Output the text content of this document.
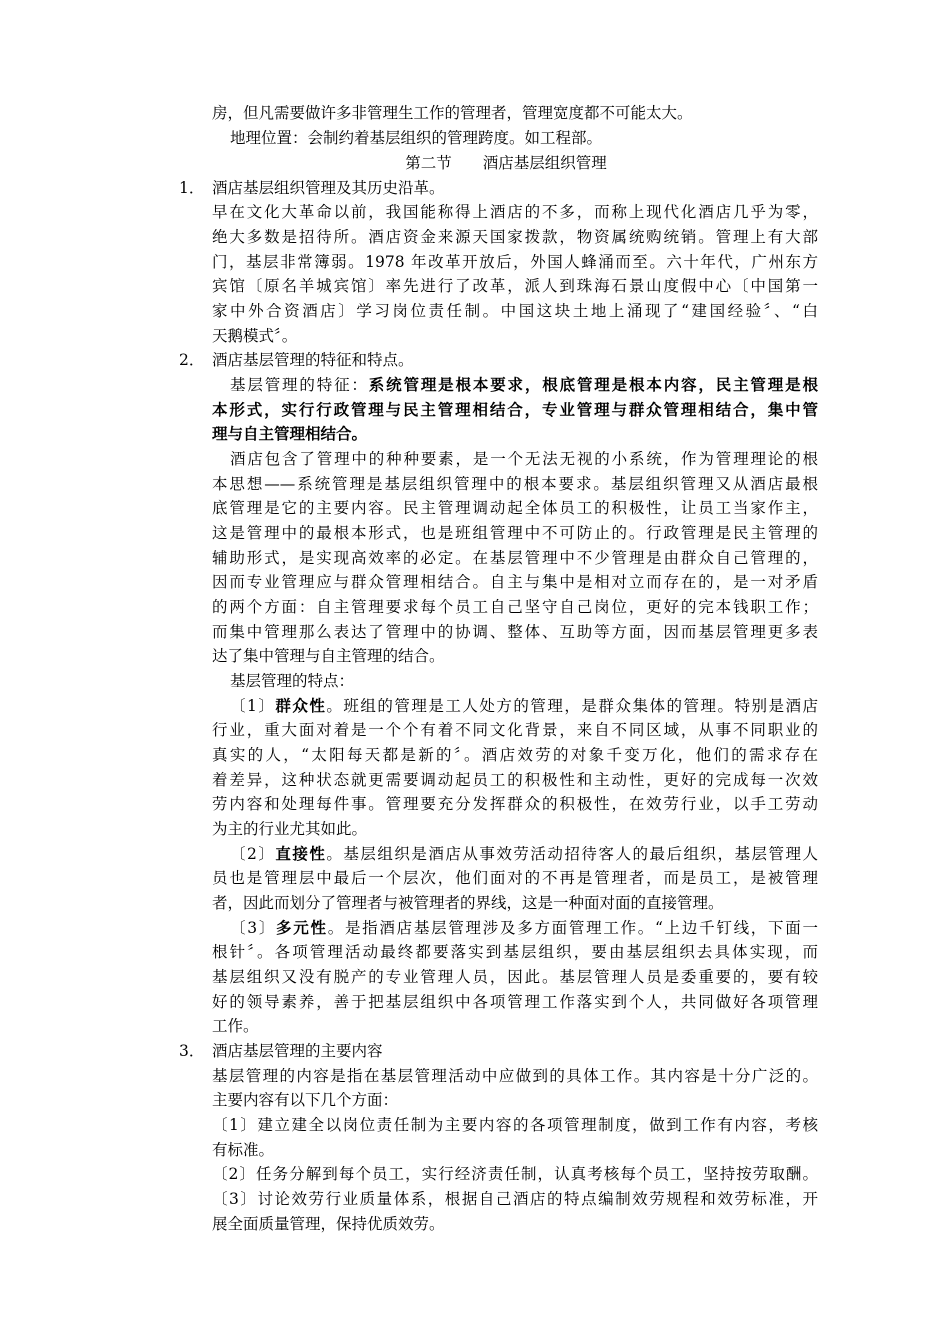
房，但凡需要做许多非管理生工作的管理者，管理宽度都不可能太大。
地理位置：会制约着基层组织的管理跨度。如工程部。
第二节　　酒店基层组织管理
1． 酒店基层组织管理及其历史沿革。
早在文化大革命以前，我国能称得上酒店的不多，而称上现代化酒店几乎为零，
绝大多数是招待所。酒店资金来源天国家拨款，物资属统购统销。管理上有大部
门，基层非常簿弱。1978 年改革开放后，外国人蜂涌而至。六十年代，广州东方
宾馆〔原名羊城宾馆〕率先进行了改革，派人到珠海石景山度假中心〔中国第一
家中外合资酒店〕学习岗位责任制。中国这块土地上涌现了“建国经验〞、“白
天鹅模式〞。
2． 酒店基层管理的特征和特点。
基层管理的特征：系统管理是根本要求，根底管理是根本内容，民主管理是根
本形式，实行行政管理与民主管理相结合，专业管理与群众管理相结合，集中管
理与自主管理相结合。
酒店包含了管理中的种种要素，是一个无法无视的小系统，作为管理理论的根
本思想——系统管理是基层组织管理中的根本要求。基层组织管理又从酒店最根
底管理是它的主要内容。民主管理调动起全体员工的积极性，让员工当家作主，
这是管理中的最根本形式，也是班组管理中不可防止的。行政管理是民主管理的
辅助形式，是实现高效率的必定。在基层管理中不少管理是由群众自己管理的，
因而专业管理应与群众管理相结合。自主与集中是相对立而存在的，是一对矛盾
的两个方面：自主管理要求每个员工自己坚守自己岗位，更好的完本钱职工作；
而集中管理那么表达了管理中的协调、整体、互助等方面，因而基层管理更多表
达了集中管理与自主管理的结合。
基层管理的特点：
〔1〕群众性。班组的管理是工人处方的管理，是群众集体的管理。特别是酒店
行业，重大面对着是一个个有着不同文化背景，来自不同区域，从事不同职业的
真实的人，“太阳每天都是新的〞。酒店效劳的对象千变万化，他们的需求存在
着差异，这种状态就更需要调动起员工的积极性和主动性，更好的完成每一次效
劳内容和处理每件事。管理要充分发挥群众的积极性，在效劳行业，以手工劳动
为主的行业尤其如此。
〔2〕直接性。基层组织是酒店从事效劳活动招待客人的最后组织，基层管理人
员也是管理层中最后一个层次，他们面对的不再是管理者，而是员工，是被管理
者，因此而划分了管理者与被管理者的界线，这是一种面对面的直接管理。
〔3〕多元性。是指酒店基层管理涉及多方面管理工作。“上边千钉线，下面一
根针〞。各项管理活动最终都要落实到基层组织，要由基层组织去具体实现，而
基层组织又没有脱产的专业管理人员，因此。基层管理人员是委重要的，要有较
好的领导素养，善于把基层组织中各项管理工作落实到个人，共同做好各项管理
工作。
3． 酒店基层管理的主要内容
基层管理的内容是指在基层管理活动中应做到的具体工作。其内容是十分广泛的。
主要内容有以下几个方面：
〔1〕建立建全以岗位责任制为主要内容的各项管理制度，做到工作有内容，考核
有标准。
〔2〕任务分解到每个员工，实行经济责任制，认真考核每个员工，坚持按劳取酬。
〔3〕讨论效劳行业质量体系，根据自己酒店的特点编制效劳规程和效劳标准，开
展全面质量管理，保持优质效劳。
